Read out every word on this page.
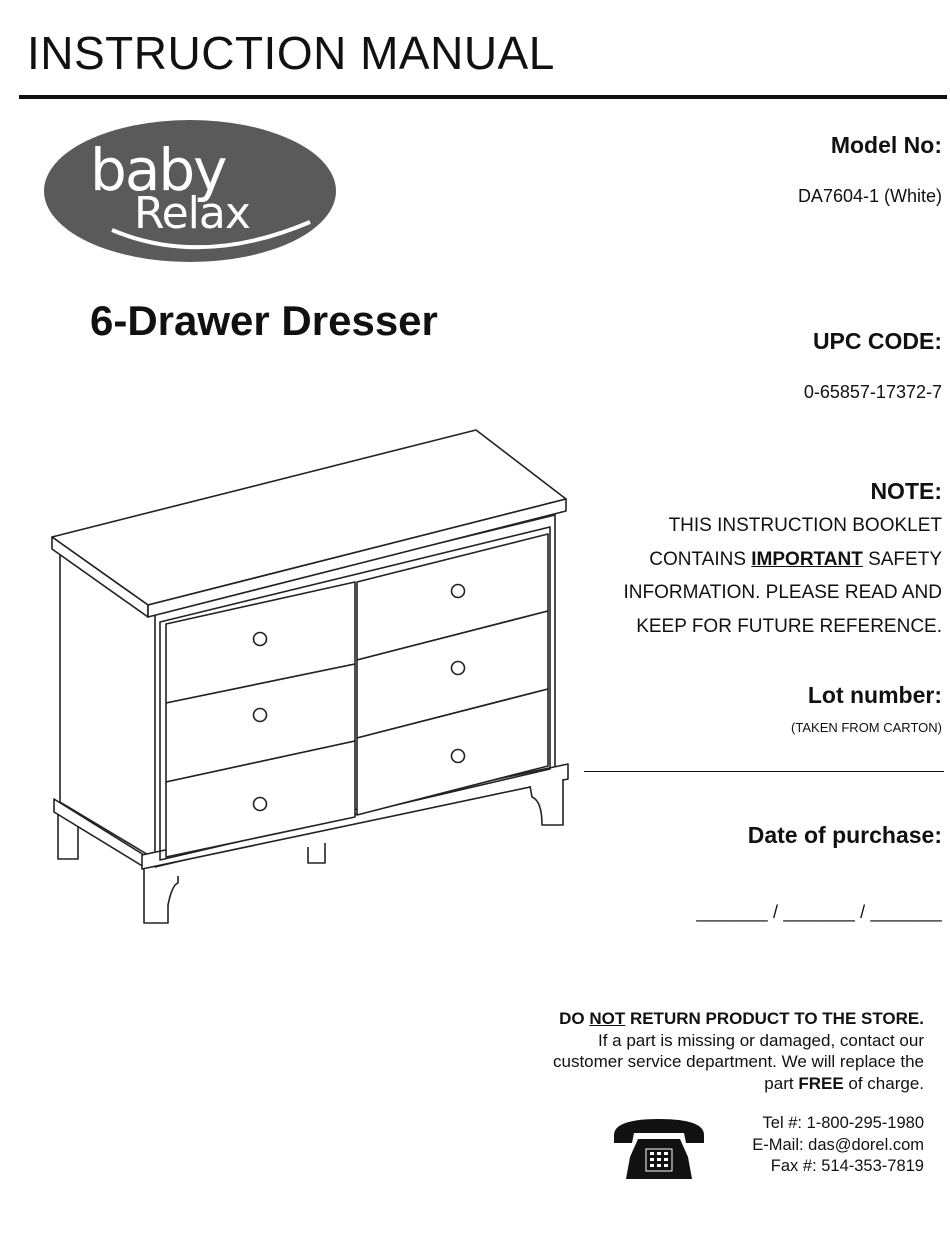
INSTRUCTION MANUAL
baby
Relax
6-Drawer Dresser
Model No:
DA7604-1 (White)
UPC CODE:
0-65857-17372-7
NOTE:
THIS INSTRUCTION BOOKLET
CONTAINS IMPORTANT SAFETY
INFORMATION. PLEASE READ AND
KEEP FOR FUTURE REFERENCE.
Lot number:
(TAKEN FROM CARTON)
Date of purchase:
_______ / _______ / _______
DO NOT RETURN PRODUCT TO THE STORE.
If a part is missing or damaged, contact our
customer service department. We will replace the
part FREE of charge.
Tel #: 1-800-295-1980
E-Mail: das@dorel.com
Fax #: 514-353-7819
